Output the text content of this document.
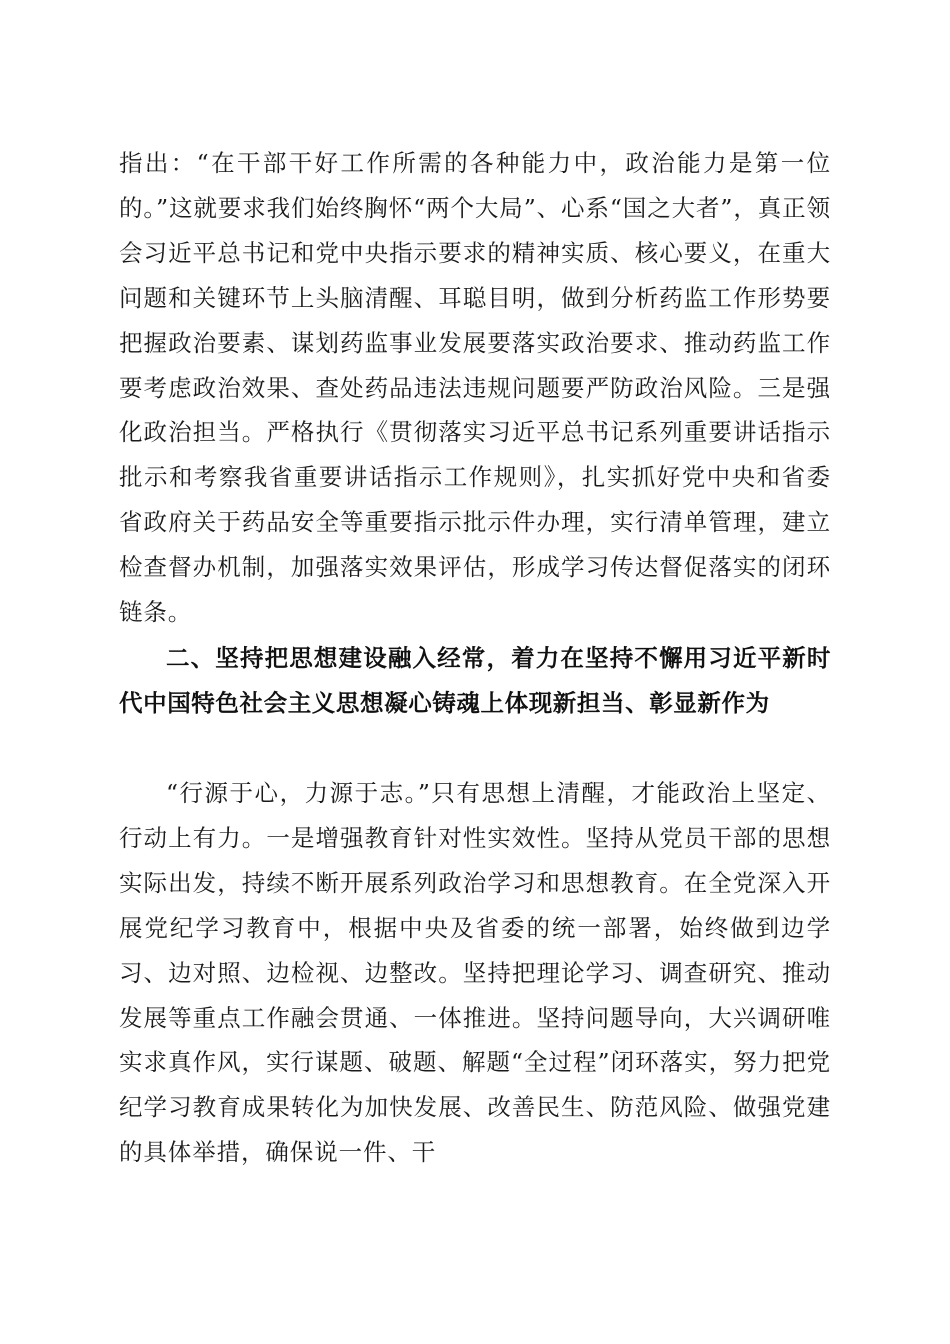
指出：“在干部干好工作所需的各种能力中，政治能力是第一位的。”这就要求我们始终胸怀“两个大局”、心系“国之大者”，真正领会习近平总书记和党中央指示要求的精神实质、核心要义，在重大问题和关键环节上头脑清醒、耳聪目明，做到分析药监工作形势要把握政治要素、谋划药监事业发展要落实政治要求、推动药监工作要考虑政治效果、查处药品违法违规问题要严防政治风险。三是强化政治担当。严格执行《贯彻落实习近平总书记系列重要讲话指示批示和考察我省重要讲话指示工作规则》，扎实抓好党中央和省委省政府关于药品安全等重要指示批示件办理，实行清单管理，建立检查督办机制，加强落实效果评估，形成学习传达督促落实的闭环链条。

二、坚持把思想建设融入经常，着力在坚持不懈用习近平新时代中国特色社会主义思想凝心铸魂上体现新担当、彰显新作为

“行源于心，力源于志。”只有思想上清醒，才能政治上坚定、行动上有力。一是增强教育针对性实效性。坚持从党员干部的思想实际出发，持续不断开展系列政治学习和思想教育。在全党深入开展党纪学习教育中，根据中央及省委的统一部署，始终做到边学习、边对照、边检视、边整改。坚持把理论学习、调查研究、推动发展等重点工作融会贯通、一体推进。坚持问题导向，大兴调研唯实求真作风，实行谋题、破题、解题“全过程”闭环落实，努力把党纪学习教育成果转化为加快发展、改善民生、防范风险、做强党建的具体举措，确保说一件、干
